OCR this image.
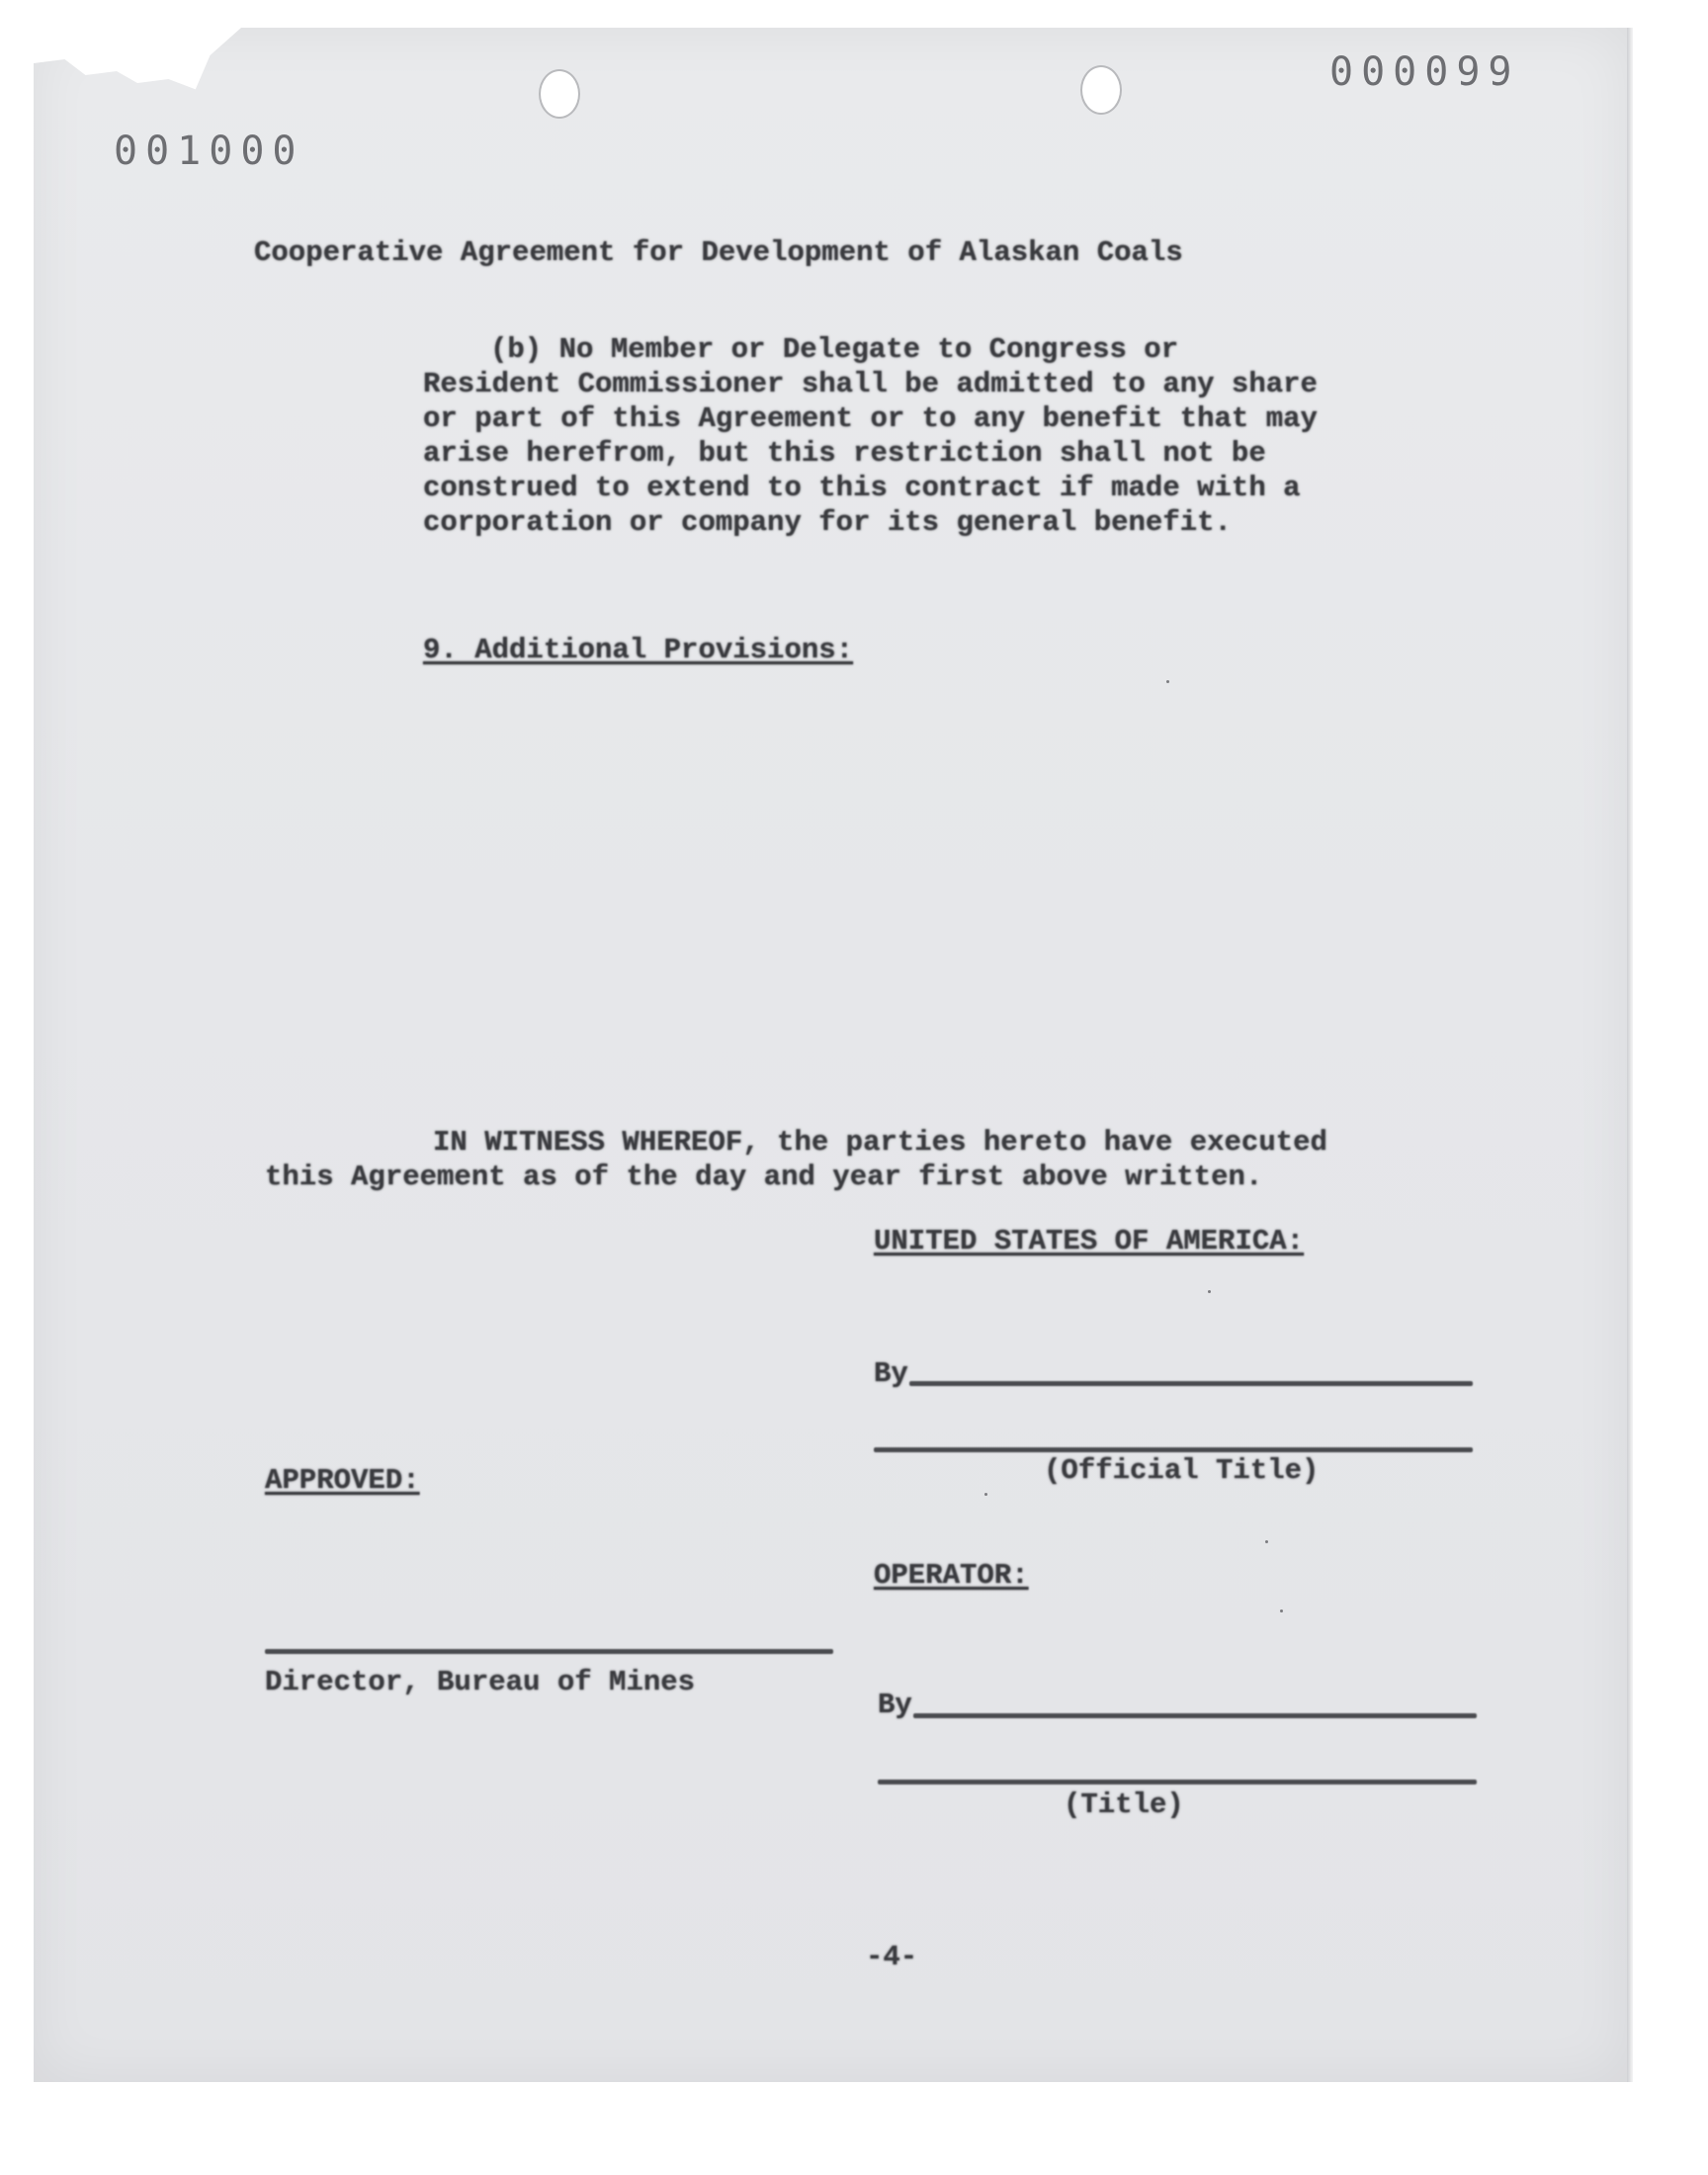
000099
001000
Cooperative Agreement for Development of Alaskan Coals
(b) No Member or Delegate to Congress or Resident Commissioner shall be admitted to any share or part of this Agreement or to any benefit that may arise herefrom, but this restriction shall not be construed to extend to this contract if made with a corporation or company for its general benefit.
9. Additional Provisions:
IN WITNESS WHEREOF, the parties hereto have executed this Agreement as of the day and year first above written.
UNITED STATES OF AMERICA:
By
(Official Title)
APPROVED:
OPERATOR:
Director, Bureau of Mines
By
(Title)
-4-
